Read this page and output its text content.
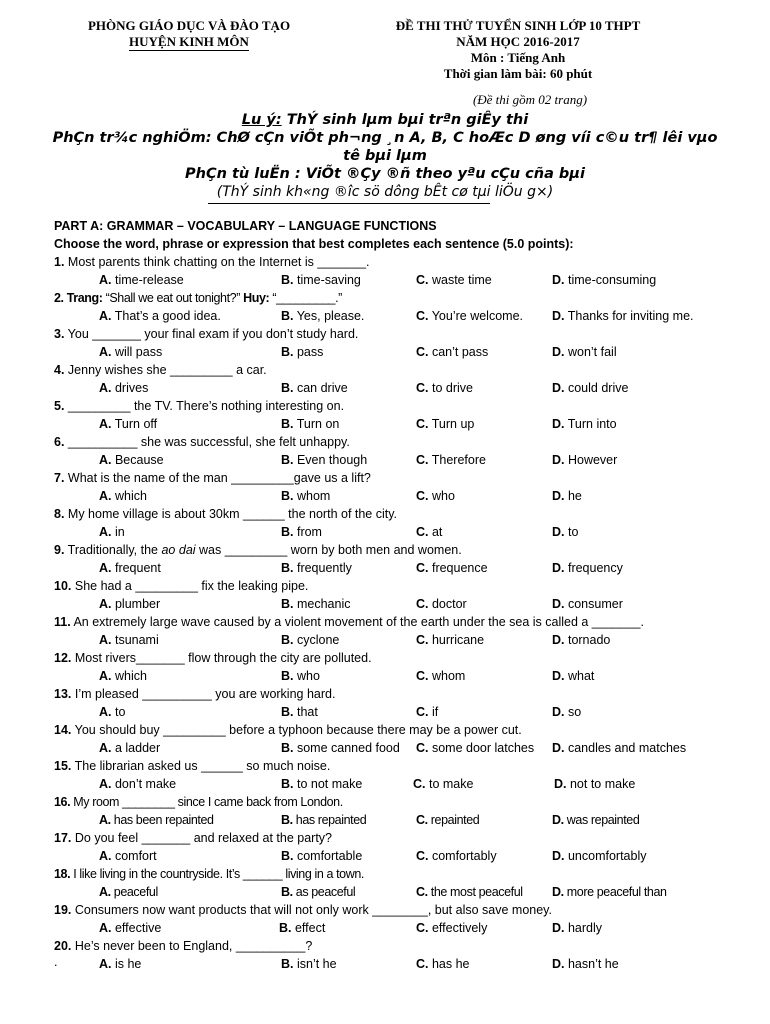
PHÒNG GIÁO DỤC VÀ ĐÀO TẠO
HUYỆN KINH MÔN
ĐỀ THI THỬ TUYỂN SINH LỚP 10 THPT
NĂM HỌC 2016-2017
Môn : Tiếng Anh
Thời gian làm bài: 60 phút
(Đề thi gồm 02 trang)
Lu ý: ThÝ sinh lµm bµi trªn giÊy thi
PhÇn tr¾c nghiÖm: ChØ cÇn viÕt ph¬ng ¸n A, B, C hoÆc D øng víi c©u tr¶ lêi vµo tê bµi lµm
PhÇn tù luËn : ViÕt ®Çy ®ñ theo yªu cÇu cña bµi
(ThÝ sinh kh«ng ®îc sö dông bÊt cø tµi liÖu g×)
PART A: GRAMMAR – VOCABULARY – LANGUAGE FUNCTIONS
Choose the word, phrase or expression that best completes each sentence (5.0 points):
1. Most parents think chatting on the Internet is _______.
A. time-release	B. time-saving	C. waste time	D. time-consuming
2. Trang: “Shall we eat out tonight?” Huy: “_________.”
A. That’s a good idea.	B. Yes, please.	C. You’re welcome. D. Thanks for inviting me.
3. You _______ your final exam if you don’t study hard.
A. will pass	B. pass	C. can’t pass	D. won’t fail
4. Jenny wishes she _________ a car.
A. drives	B. can drive	C. to drive	D. could drive
5. _________ the TV. There’s nothing interesting on.
A. Turn off	B. Turn on	C. Turn up	D. Turn into
6. __________ she was successful, she felt unhappy.
A. Because	B. Even though	C. Therefore	D. However
7. What is the name of the man _________gave us a lift?
A. which	B. whom	C. who	D. he
8. My home village is about 30km ______ the north of the city.
A. in	B. from	C. at	D. to
9. Traditionally, the ao dai was _________ worn by both men and women.
A. frequent	B. frequently	C. frequence	D. frequency
10. She had a _________ fix the leaking pipe.
A. plumber	B. mechanic	C. doctor	D. consumer
11. An extremely large wave caused by a violent movement of the earth under the sea is called a _______.
A. tsunami	B. cyclone	C. hurricane	D. tornado
12. Most rivers_______ flow through the city are polluted.
A. which	B. who	C. whom	D. what
13. I’m pleased __________ you are working hard.
A. to	B. that	C. if	D. so
14. You should buy _________ before a typhoon because there may be a power cut.
A. a ladder	B. some canned food C. some door latches D. candles and matches
15. The librarian asked us ______ so much noise.
A. don’t make	B. to not make	C. to make	D. not to make
16. My room ________ since I came back from London.
A. has been repainted	B. has repainted	C. repainted	D. was repainted
17. Do you feel _______ and relaxed at the party?
A. comfort	B. comfortable	C. comfortably	D. uncomfortably
18. I like living in the countryside. It’s ______ living in a town.
A. peaceful	B. as peaceful	C. the most peaceful D. more peaceful than
19. Consumers now want products that will not only work ________, but also save money.
A. effective	B. effect	C. effectively	D. hardly
20. He’s never been to England, __________?
A. is he	B. isn’t he	C. has he	D. hasn’t he
.
